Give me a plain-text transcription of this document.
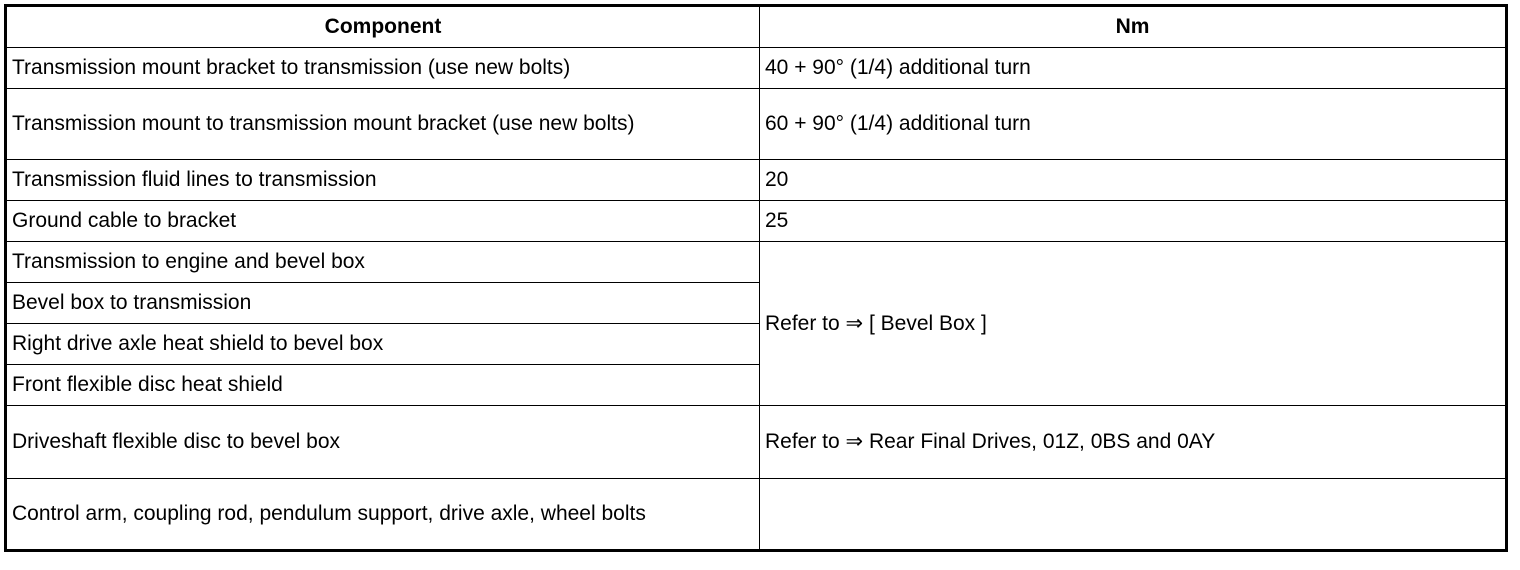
Component	Nm
Transmission mount bracket to transmission (use new bolts)	40 + 90° (1/4) additional turn
Transmission mount to transmission mount bracket (use new bolts)	60 + 90° (1/4) additional turn
Transmission fluid lines to transmission	20
Ground cable to bracket	25
Transmission to engine and bevel box	Refer to ⇒ [ Bevel Box ]
Bevel box to transmission	
Right drive axle heat shield to bevel box	
Front flexible disc heat shield	
Driveshaft flexible disc to bevel box	Refer to ⇒ Rear Final Drives, 01Z, 0BS and 0AY
Control arm, coupling rod, pendulum support, drive axle, wheel bolts	
